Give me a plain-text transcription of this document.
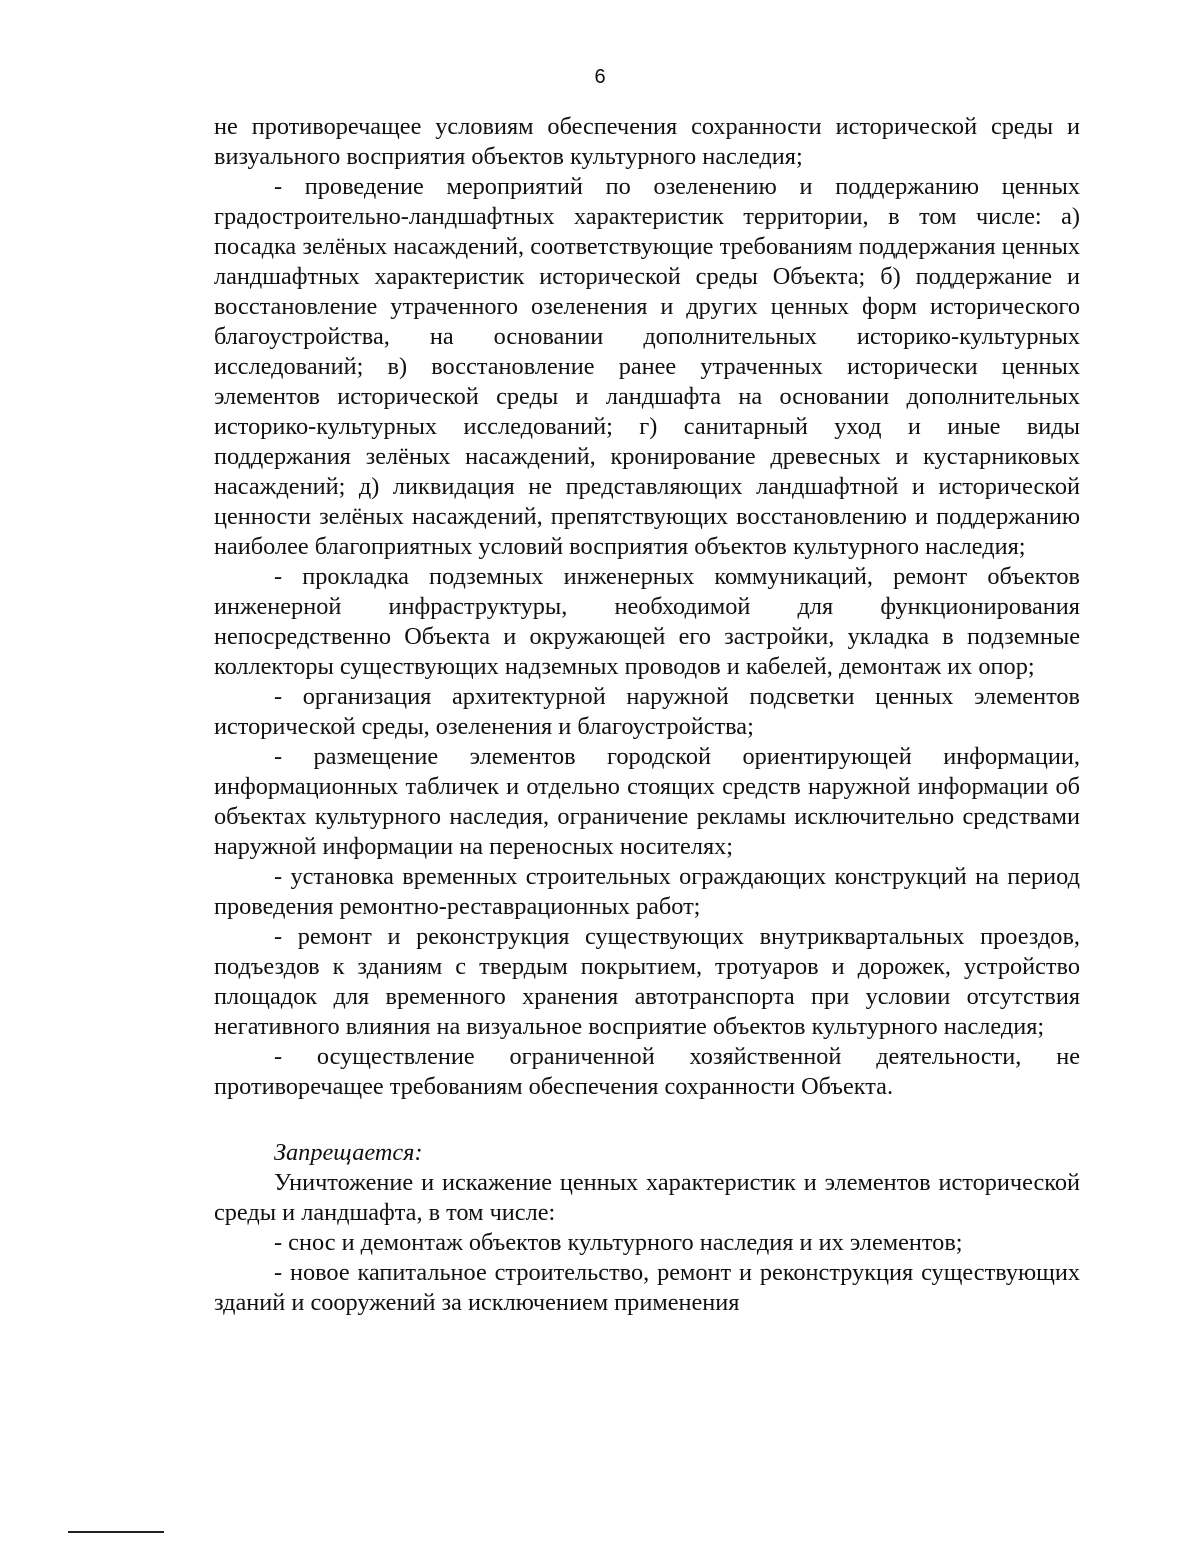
6

не противоречащее условиям обеспечения сохранности исторической среды и визуального восприятия объектов культурного наследия;

- проведение мероприятий по озеленению и поддержанию ценных градостроительно-ландшафтных характеристик территории, в том числе: а) посадка зелёных насаждений, соответствующие требованиям поддержания ценных ландшафтных характеристик исторической среды Объекта; б) поддержание и восстановление утраченного озеленения и других ценных форм исторического благоустройства, на основании дополнительных историко-культурных исследований; в) восстановление ранее утраченных исторически ценных элементов исторической среды и ландшафта на основании дополнительных историко-культурных исследований; г) санитарный уход и иные виды поддержания зелёных насаждений, кронирование древесных и кустарниковых насаждений; д) ликвидация не представляющих ландшафтной и исторической ценности зелёных насаждений, препятствующих восстановлению и поддержанию наиболее благоприятных условий восприятия объектов культурного наследия;

- прокладка подземных инженерных коммуникаций, ремонт объектов инженерной инфраструктуры, необходимой для функционирования непосредственно Объекта и окружающей его застройки, укладка в подземные коллекторы существующих надземных проводов и кабелей, демонтаж их опор;

- организация архитектурной наружной подсветки ценных элементов исторической среды, озеленения и благоустройства;

- размещение элементов городской ориентирующей информации, информационных табличек и отдельно стоящих средств наружной информации об объектах культурного наследия, ограничение рекламы исключительно средствами наружной информации на переносных носителях;

- установка временных строительных ограждающих конструкций на период проведения ремонтно-реставрационных работ;

- ремонт и реконструкция существующих внутриквартальных проездов, подъездов к зданиям с твердым покрытием, тротуаров и дорожек, устройство площадок для временного хранения автотранспорта при условии отсутствия негативного влияния на визуальное восприятие объектов культурного наследия;

- осуществление ограниченной хозяйственной деятельности, не противоречащее требованиям обеспечения сохранности Объекта.

Запрещается:

Уничтожение и искажение ценных характеристик и элементов исторической среды и ландшафта, в том числе:

- снос и демонтаж объектов культурного наследия и их элементов;

- новое капитальное строительство, ремонт и реконструкция существующих зданий и сооружений за исключением применения
